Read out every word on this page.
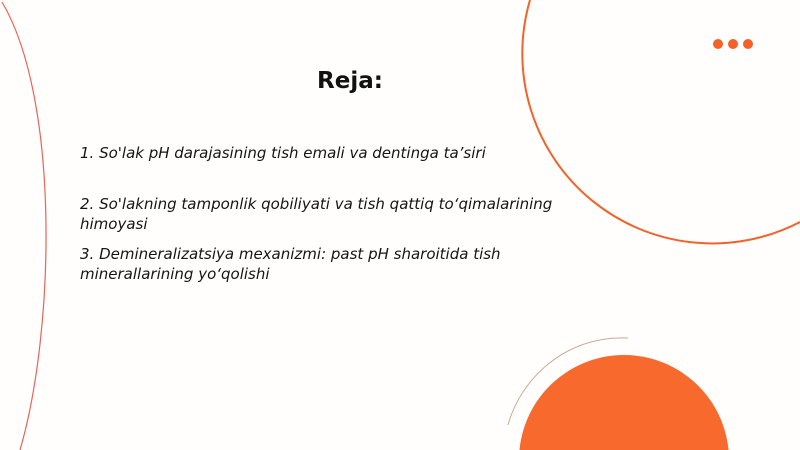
Reja:
1. So'lak pH darajasining tish emali va dentinga ta’siri
2. So'lakning tamponlik qobiliyati va tish qattiq to‘qimalarining himoyasi
3. Demineralizatsiya mexanizmi: past pH sharoitida tish minerallarining yo‘qolishi
